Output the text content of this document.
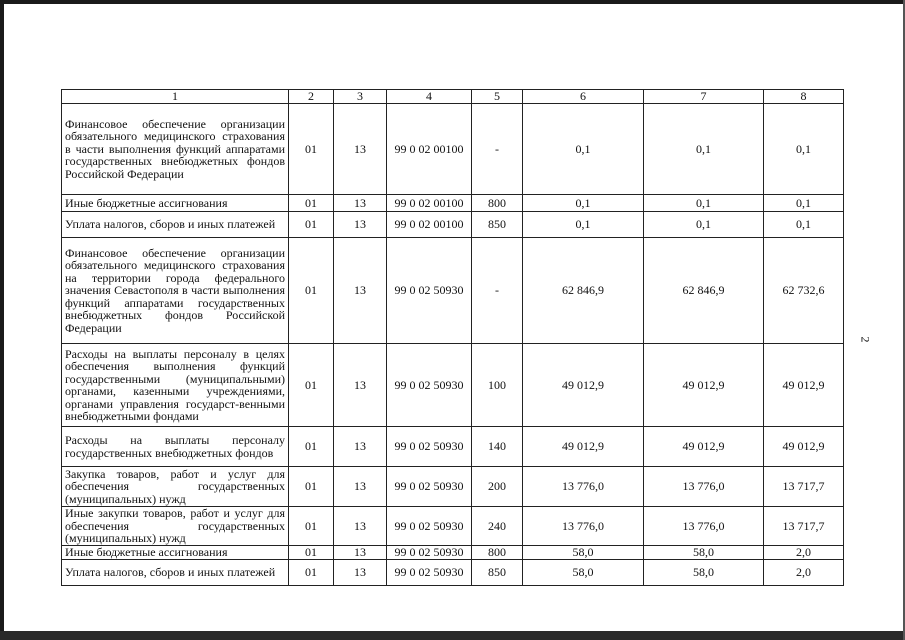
2
1	2	3	4	5	6	7	8
Финансовое обеспечение организации обязательного медицинского страхования в части выполнения функций аппаратами государственных внебюджетных фондов Российской Федерации	01	13	99 0 02 00100	-	0,1	0,1	0,1
Иные бюджетные ассигнования	01	13	99 0 02 00100	800	0,1	0,1	0,1
Уплата налогов, сборов и иных платежей	01	13	99 0 02 00100	850	0,1	0,1	0,1
Финансовое обеспечение организации обязательного медицинского страхования на территории города федерального значения Севастополя в части выполнения функций аппаратами государственных внебюджетных фондов Российской Федерации	01	13	99 0 02 50930	-	62 846,9	62 846,9	62 732,6
Расходы на выплаты персоналу в целях обеспечения выполнения функций государственными (муниципальными) органами, казенными учреждениями, органами управления государст-венными внебюджетными фондами	01	13	99 0 02 50930	100	49 012,9	49 012,9	49 012,9
Расходы на выплаты персоналу государственных внебюджетных фондов	01	13	99 0 02 50930	140	49 012,9	49 012,9	49 012,9
Закупка товаров, работ и услуг для обеспечения государственных (муниципальных) нужд	01	13	99 0 02 50930	200	13 776,0	13 776,0	13 717,7
Иные закупки товаров, работ и услуг для обеспечения государственных (муниципальных) нужд	01	13	99 0 02 50930	240	13 776,0	13 776,0	13 717,7
Иные бюджетные ассигнования	01	13	99 0 02 50930	800	58,0	58,0	2,0
Уплата налогов, сборов и иных платежей	01	13	99 0 02 50930	850	58,0	58,0	2,0
